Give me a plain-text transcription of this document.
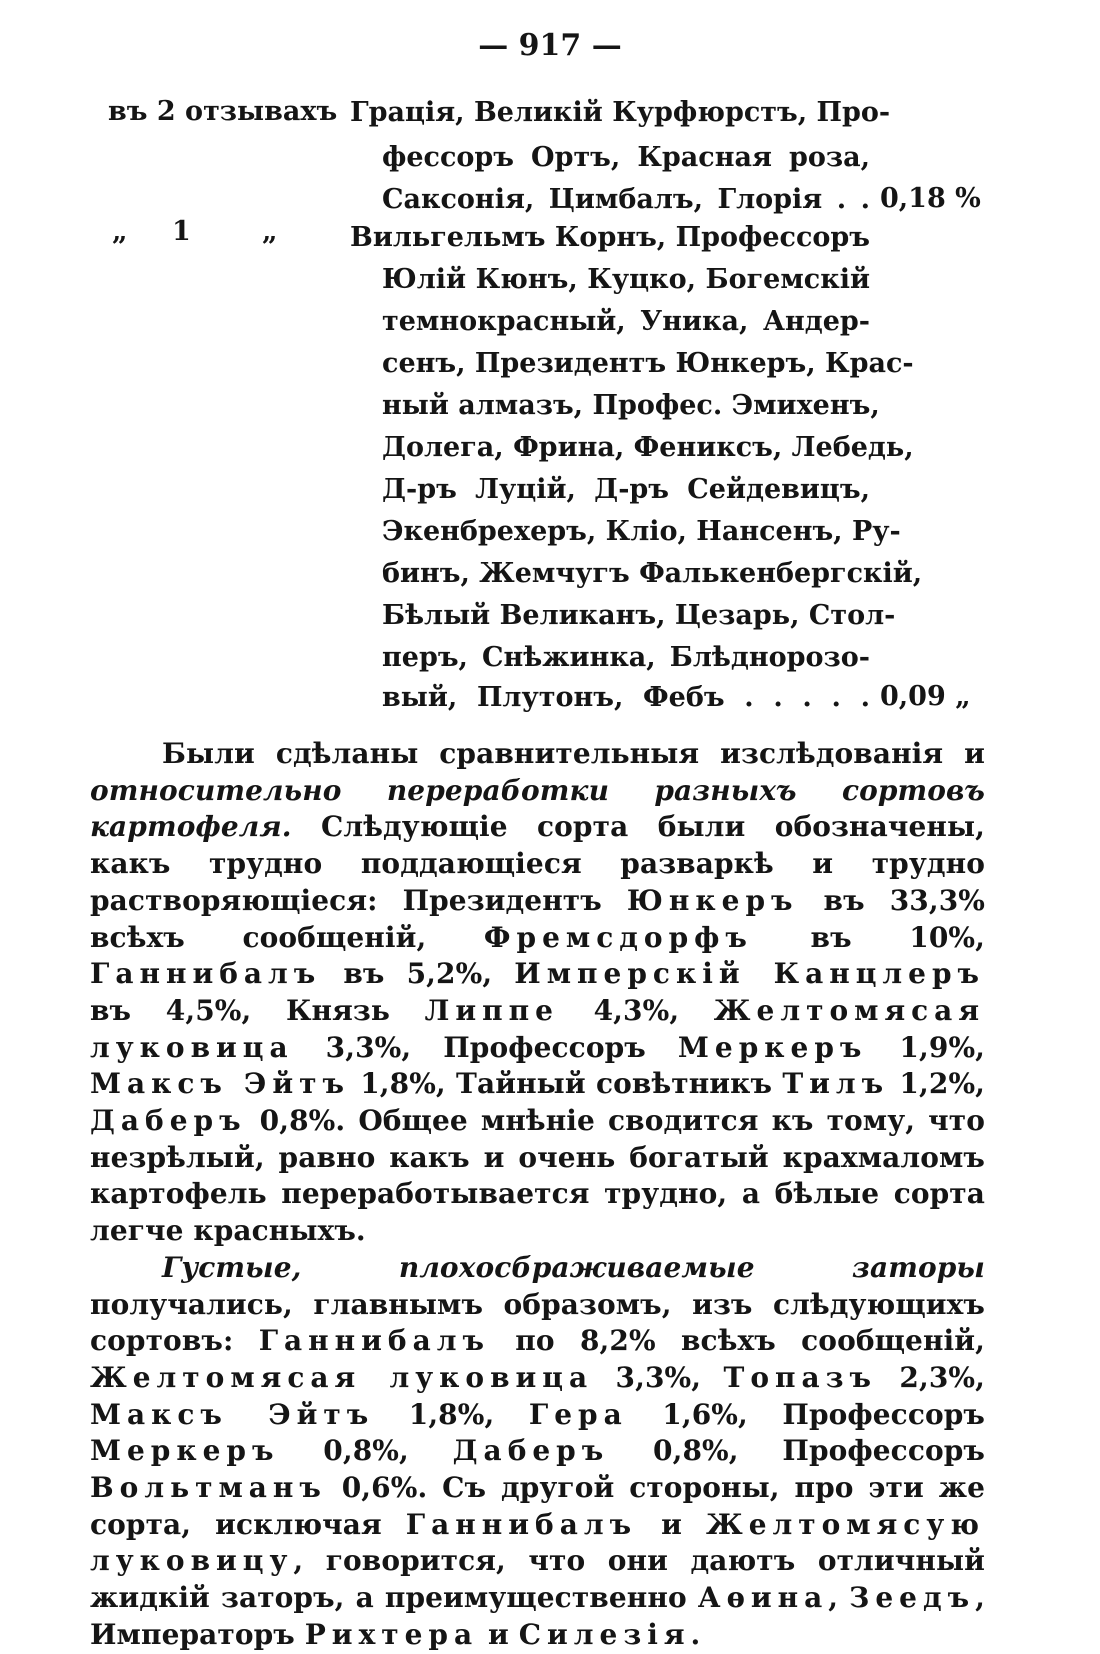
— 917 —
въ 2 отзывахъ Грація, Великій Курфюрстъ, Про-
фессоръ Ортъ, Красная роза,
Саксонія, Цимбалъ, Глорія . . 0,18 %
„ 1	„	Вильгельмъ Корнъ, Профессоръ
Юлій Кюнъ, Куцко, Богемскій
темнокрасный, Уника, Андер-
сенъ, Президентъ Юнкеръ, Крас-
ный алмазъ, Профес. Эмихенъ,
Долега, Фрина, Фениксъ, Лебедь,
Д-ръ Луцій, Д-ръ Сейдевицъ,
Экенбрехеръ, Кліо, Нансенъ, Ру-
бинъ, Жемчугъ Фалькенбергскій,
Бѣлый Великанъ, Цезарь, Стол-
перъ, Снѣжинка, Блѣднорозо-
вый, Плутонъ, Фебъ . . . . . 0,09 „

Были сдѣланы сравнительныя изслѣдованія и относительно переработки разныхъ сортовъ картофеля. Слѣдующіе сорта были обозначены, какъ трудно поддающіеся разваркѣ и трудно растворяющіеся: Президентъ Юнкеръ въ 33,3% всѣхъ сообщеній, Фремсдорфъ въ 10%, Ганнибалъ въ 5,2%, Имперскій Канцлеръ въ 4,5%, Князь Липпе 4,3%, Желтомясая луковица 3,3%, Профессоръ Меркеръ 1,9%, Максъ Эйтъ 1,8%, Тайный совѣтникъ Тилъ 1,2%, Даберъ 0,8%. Общее мнѣніе сводится къ тому, что незрѣлый, равно какъ и очень богатый крахмаломъ картофель переработывается трудно, а бѣлые сорта легче красныхъ.

Густые, плохосбраживаемые заторы получались, главнымъ образомъ, изъ слѣдующихъ сортовъ: Ганнибалъ по 8,2% всѣхъ сообщеній, Желтомясая луковица 3,3%, Топазъ 2,3%, Максъ Эйтъ 1,8%, Гера 1,6%, Профессоръ Меркеръ 0,8%, Даберъ 0,8%, Профессоръ Вольтманъ 0,6%. Съ другой стороны, про эти же сорта, исключая Ганнибалъ и Желтомясую луковицу, говорится, что они даютъ отличный жидкій заторъ, а преимущественно Аѳина, Зеедъ, Императоръ Рихтера и Силезія.
